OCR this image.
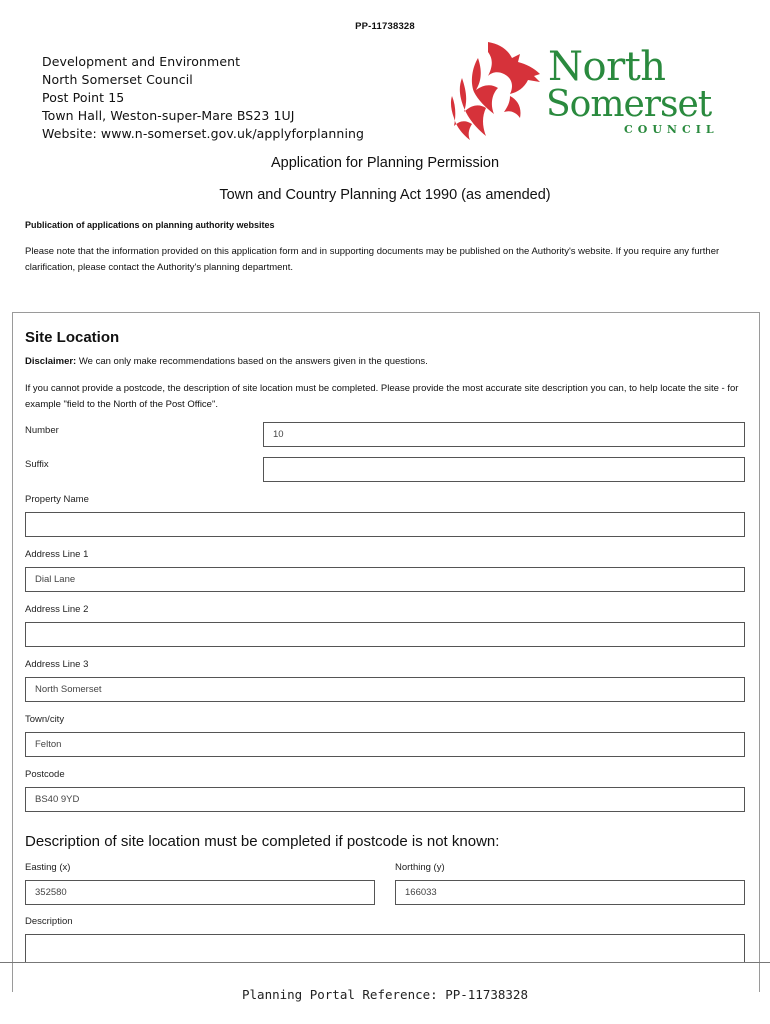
PP-11738328
Development and Environment
North Somerset Council
Post Point 15
Town Hall, Weston-super-Mare BS23 1UJ
Website: www.n-somerset.gov.uk/applyforplanning
North
Somerset
COUNCIL
Application for Planning Permission
Town and Country Planning Act 1990 (as amended)
Publication of applications on planning authority websites
Please note that the information provided on this application form and in supporting documents may be published on the Authority's website. If you require any further clarification, please contact the Authority's planning department.
Site Location
Disclaimer: We can only make recommendations based on the answers given in the questions.
If you cannot provide a postcode, the description of site location must be completed. Please provide the most accurate site description you can, to help locate the site - for example "field to the North of the Post Office".
Number	10
Suffix
Property Name
Address Line 1
Dial Lane
Address Line 2
Address Line 3
North Somerset
Town/city
Felton
Postcode
BS40 9YD
Description of site location must be completed if postcode is not known:
Easting (x)
352580
Northing (y)
166033
Description
Planning Portal Reference: PP-11738328
